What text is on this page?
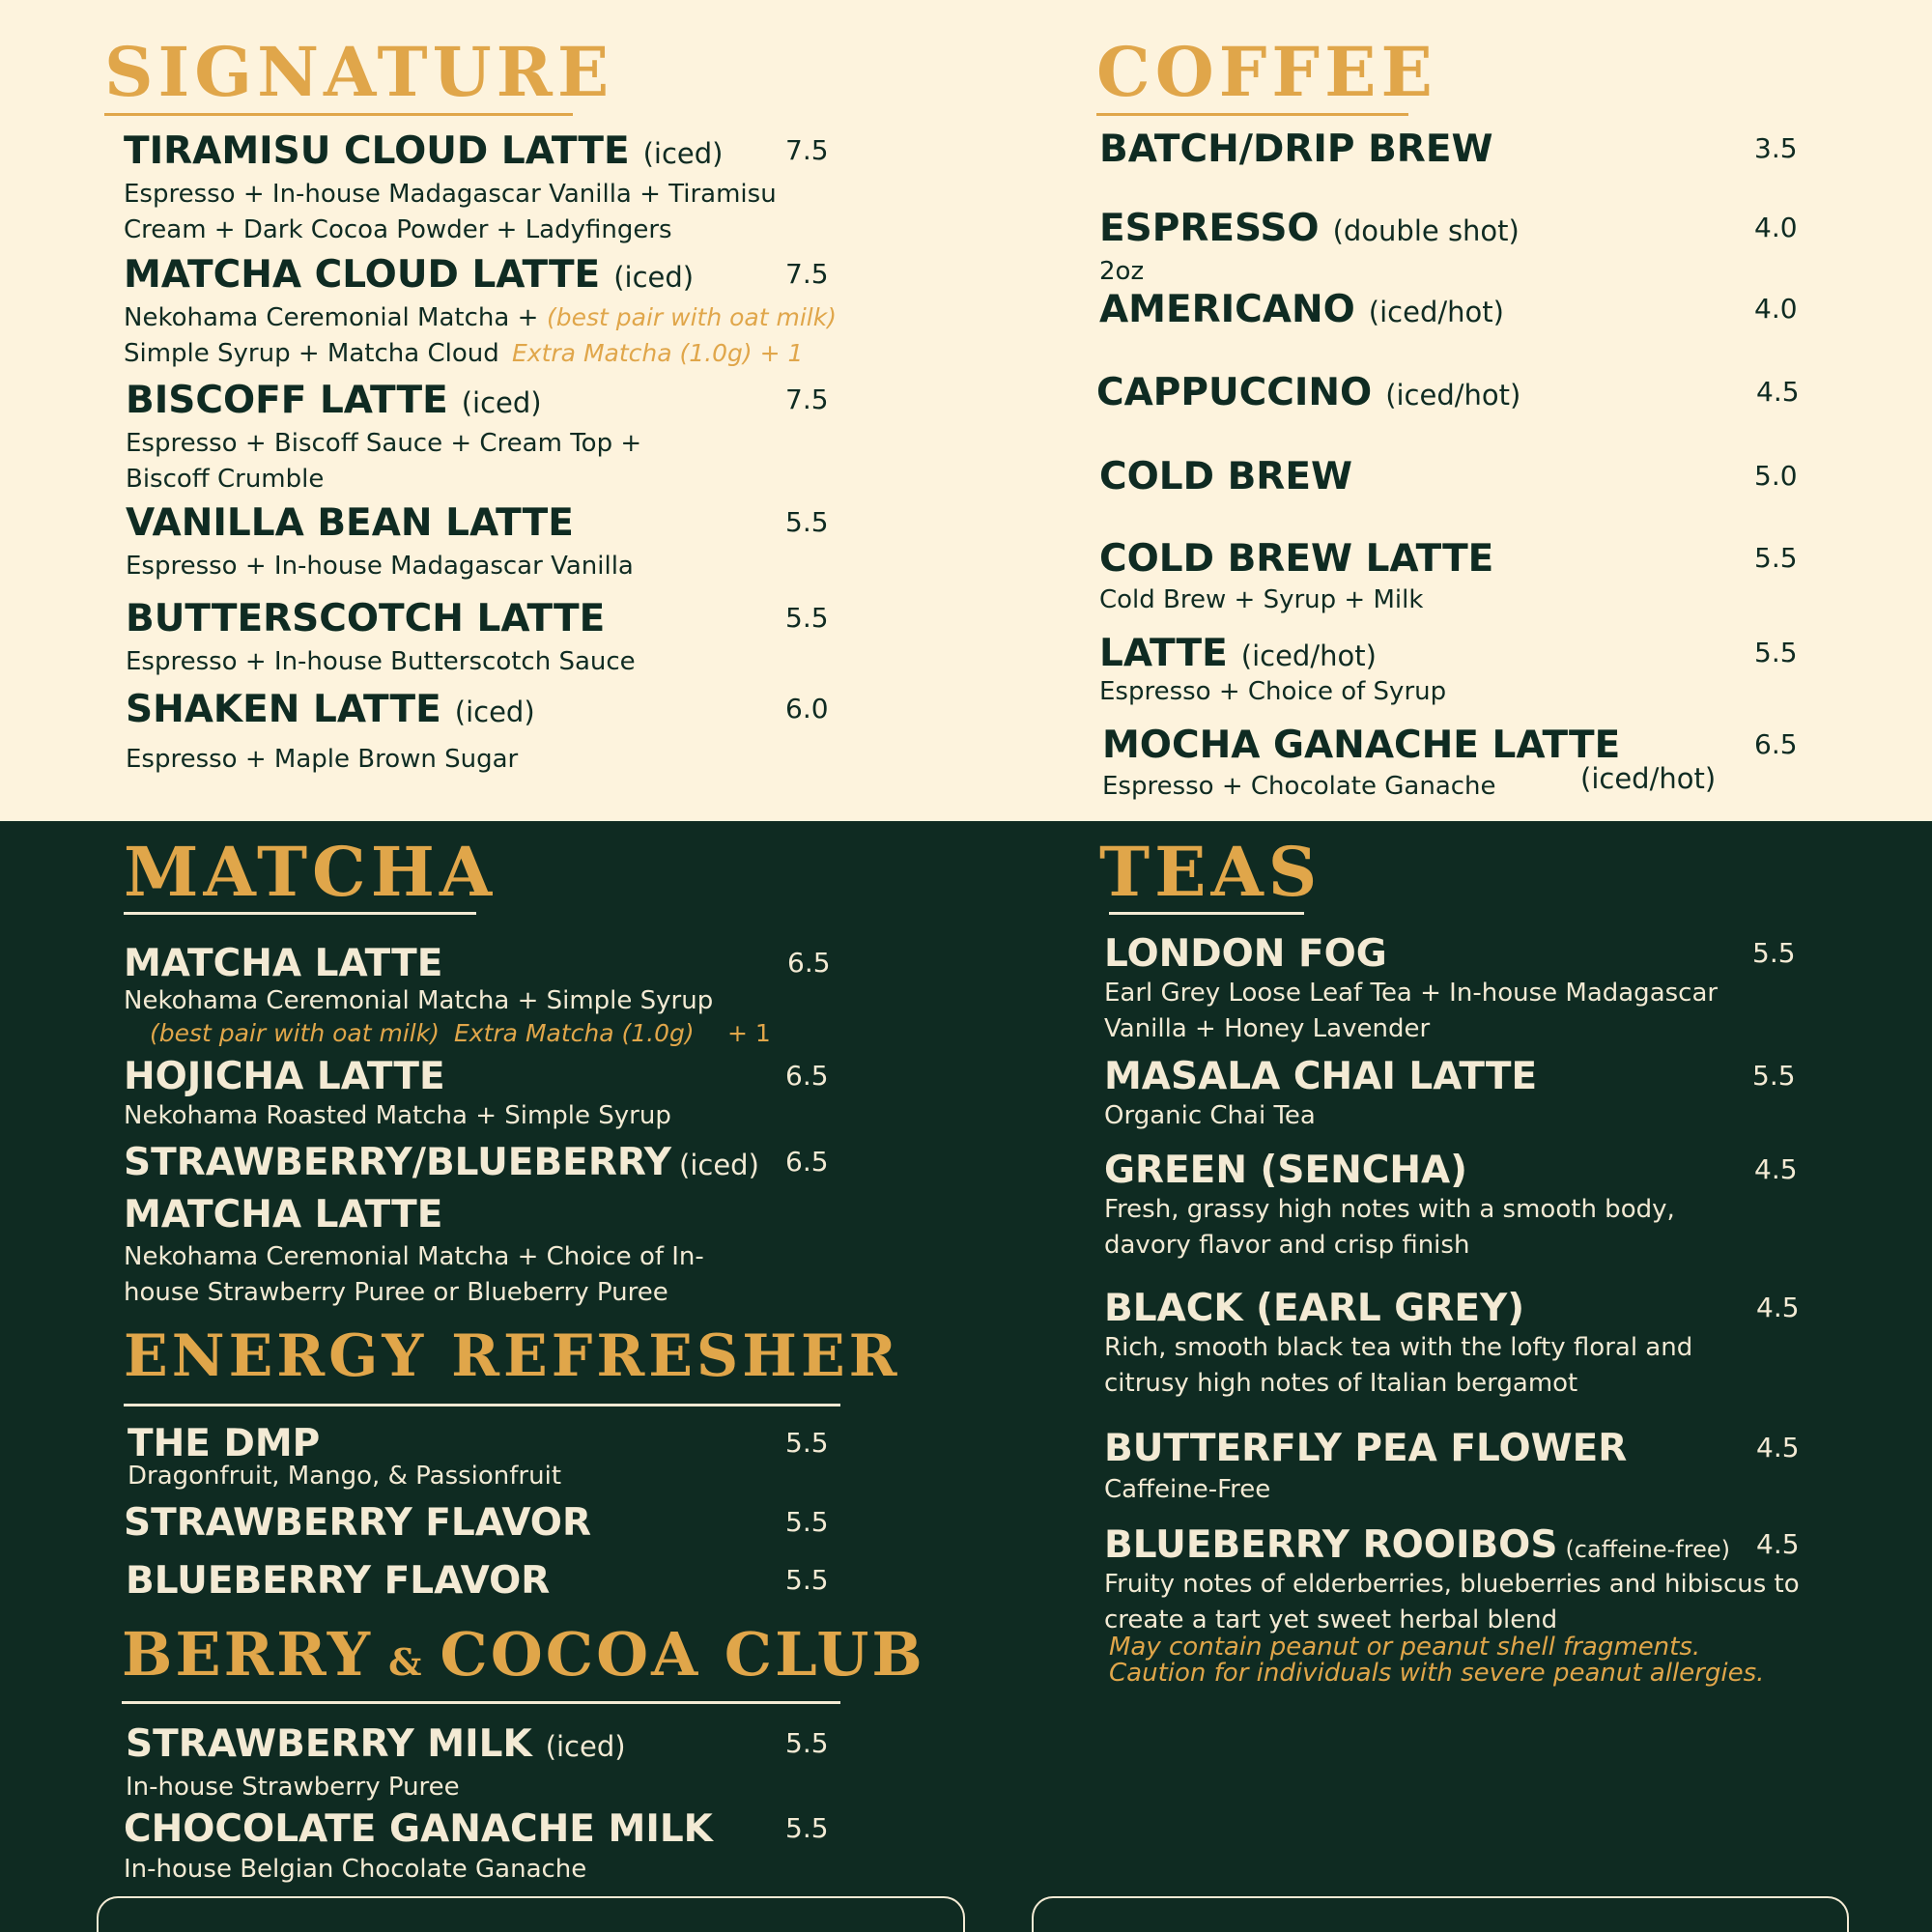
SIGNATURE
TIRAMISU CLOUD LATTE (iced) 7.5
Espresso + In-house Madagascar Vanilla + Tiramisu
Cream + Dark Cocoa Powder + Ladyfingers
MATCHA CLOUD LATTE (iced)	7.5
Nekohama Ceremonial Matcha +
Simple Syrup + Matcha Cloud
(best pair with oat milk)
Extra Matcha (1.0g) + 1
BISCOFF LATTE (iced)	7.5
Espresso + Biscoff Sauce + Cream Top +
Biscoff Crumble
VANILLA BEAN LATTE	5.5
Espresso + In-house Madagascar Vanilla
BUTTERSCOTCH LATTE	5.5
Espresso + In-house Butterscotch Sauce
SHAKEN LATTE (iced)	6.0
Espresso + Maple Brown Sugar
COFFEE
BATCH/DRIP BREW	3.5
ESPRESSO (double shot)	4.0
2oz
AMERICANO (iced/hot)	4.0
CAPPUCCINO (iced/hot)	4.5
COLD BREW	5.0
COLD BREW LATTE	5.5
Cold Brew + Syrup + Milk
LATTE (iced/hot)	5.5
Espresso + Choice of Syrup
MOCHA GANACHE LATTE	6.5
Espresso + Chocolate Ganache	(iced/hot)
MATCHA
MATCHA LATTE	6.5
Nekohama Ceremonial Matcha + Simple Syrup
(best pair with oat milk) Extra Matcha (1.0g) + 1
HOJICHA LATTE	6.5
Nekohama Roasted Matcha + Simple Syrup
STRAWBERRY/BLUEBERRY (iced) 6.5
MATCHA LATTE
Nekohama Ceremonial Matcha + Choice of In-
house Strawberry Puree or Blueberry Puree
ENERGY REFRESHER
THE DMP	5.5
Dragonfruit, Mango, & Passionfruit
STRAWBERRY FLAVOR	5.5
BLUEBERRY FLAVOR	5.5
BERRY & COCOA CLUB
STRAWBERRY MILK (iced)	5.5
In-house Strawberry Puree
CHOCOLATE GANACHE MILK	5.5
In-house Belgian Chocolate Ganache
TEAS
LONDON FOG	5.5
Earl Grey Loose Leaf Tea + In-house Madagascar
Vanilla + Honey Lavender
MASALA CHAI LATTE	5.5
Organic Chai Tea
GREEN (SENCHA)	4.5
Fresh, grassy high notes with a smooth body,
davory flavor and crisp finish
BLACK (EARL GREY)	4.5
Rich, smooth black tea with the lofty floral and
citrusy high notes of Italian bergamot
BUTTERFLY PEA FLOWER	4.5
Caffeine-Free
BLUEBERRY ROOIBOS (caffeine-free) 4.5
Fruity notes of elderberries, blueberries and hibiscus to
create a tart yet sweet herbal blend
May contain peanut or peanut shell fragments.
Caution for individuals with severe peanut allergies.
